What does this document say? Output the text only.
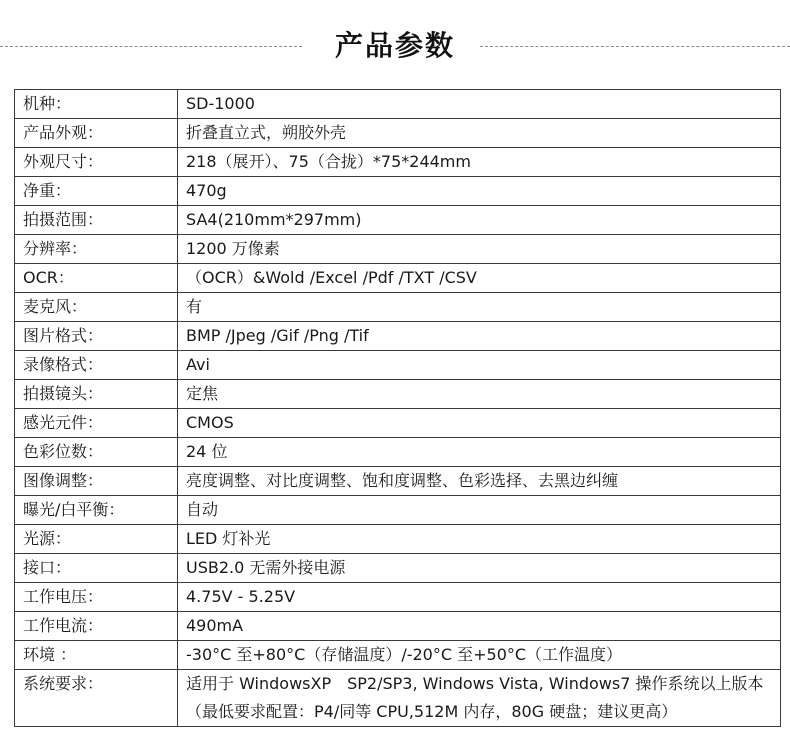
产品参数
机种：	SD-1000
产品外观：	折叠直立式，朔胶外壳
外观尺寸：	218（展开）、75（合拢）*75*244mm
净重：	470g
拍摄范围：	SA4(210mm*297mm)
分辨率：	1200 万像素
OCR：	（OCR）&Wold /Excel /Pdf /TXT /CSV
麦克风：	有
图片格式：	BMP /Jpeg /Gif /Png /Tif
录像格式：	Avi
拍摄镜头：	定焦
感光元件：	CMOS
色彩位数：	24 位
图像调整：	亮度调整、对比度调整、饱和度调整、色彩选择、去黑边纠缠
曝光/白平衡：	自动
光源：	LED 灯补光
接口：	USB2.0 无需外接电源
工作电压：	4.75V - 5.25V
工作电流：	490mA
环境 ：	-30°C 至+80°C（存储温度）/-20°C 至+50°C（工作温度）
系统要求：	适用于 WindowsXP　SP2/SP3, Windows Vista, Windows7 操作系统以上版本（最低要求配置：P4/同等 CPU,512M 内存，80G 硬盘；建议更高）
